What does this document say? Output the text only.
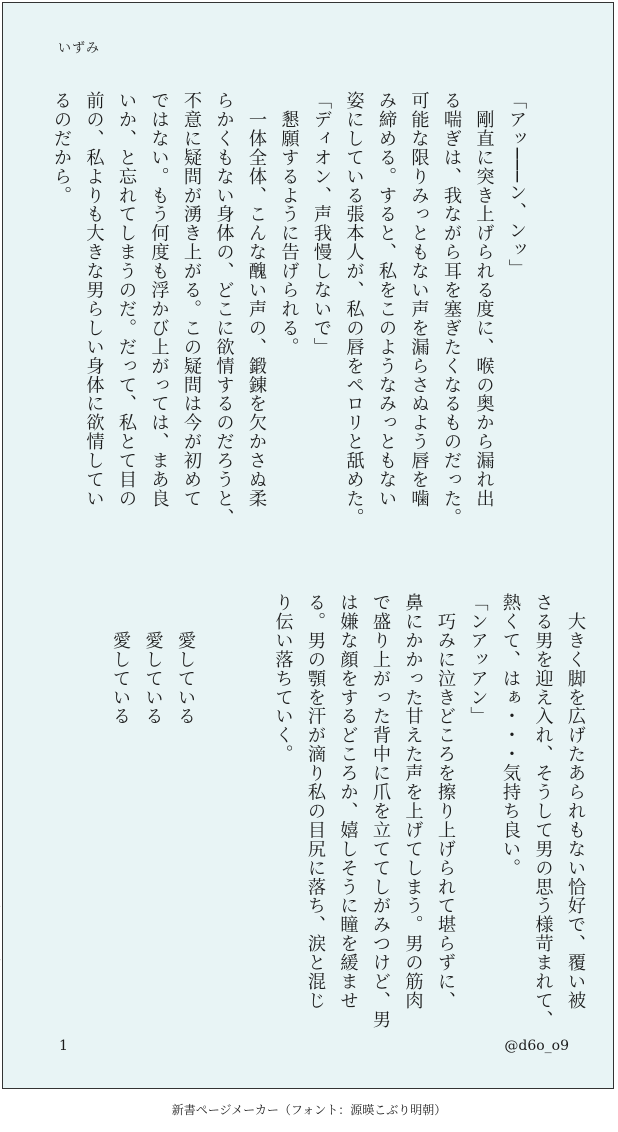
いずみ
「アッ───ン、ンッ」
　剛直に突き上げられる度に、喉の奥から漏れ出
る喘ぎは、我ながら耳を塞ぎたくなるものだった。
可能な限りみっともない声を漏らさぬよう唇を噛
み締める。すると、私をこのようなみっともない
姿にしている張本人が、私の唇をペロリと舐めた。
「ディオン、声我慢しないで」
　懇願するように告げられる。
　一体全体、こんな醜い声の、鍛錬を欠かさぬ柔
らかくもない身体の、どこに欲情するのだろうと、
不意に疑問が湧き上がる。この疑問は今が初めて
ではない。もう何度も浮かび上がっては、まあ良
いか、と忘れてしまうのだ。だって、私とて目の
前の、私よりも大きな男らしい身体に欲情してい
るのだから。
　大きく脚を広げたあられもない恰好で、覆い被
さる男を迎え入れ、そうして男の思う様苛まれて、
熱くて、はぁ・・・気持ち良い。
「ンアッアン」
　巧みに泣きどころを擦り上げられて堪らずに、
鼻にかかった甘えた声を上げてしまう。男の筋肉
で盛り上がった背中に爪を立ててしがみつけど、男
は嫌な顔をするどころか、嬉しそうに瞳を緩ませ
る。男の顎を汗が滴り私の目尻に落ち、涙と混じ
り伝い落ちていく。

　　愛している
　　愛している
　　愛している

1	@d6o_o9
新書ページメーカー（フォント：源暎こぶり明朝）
